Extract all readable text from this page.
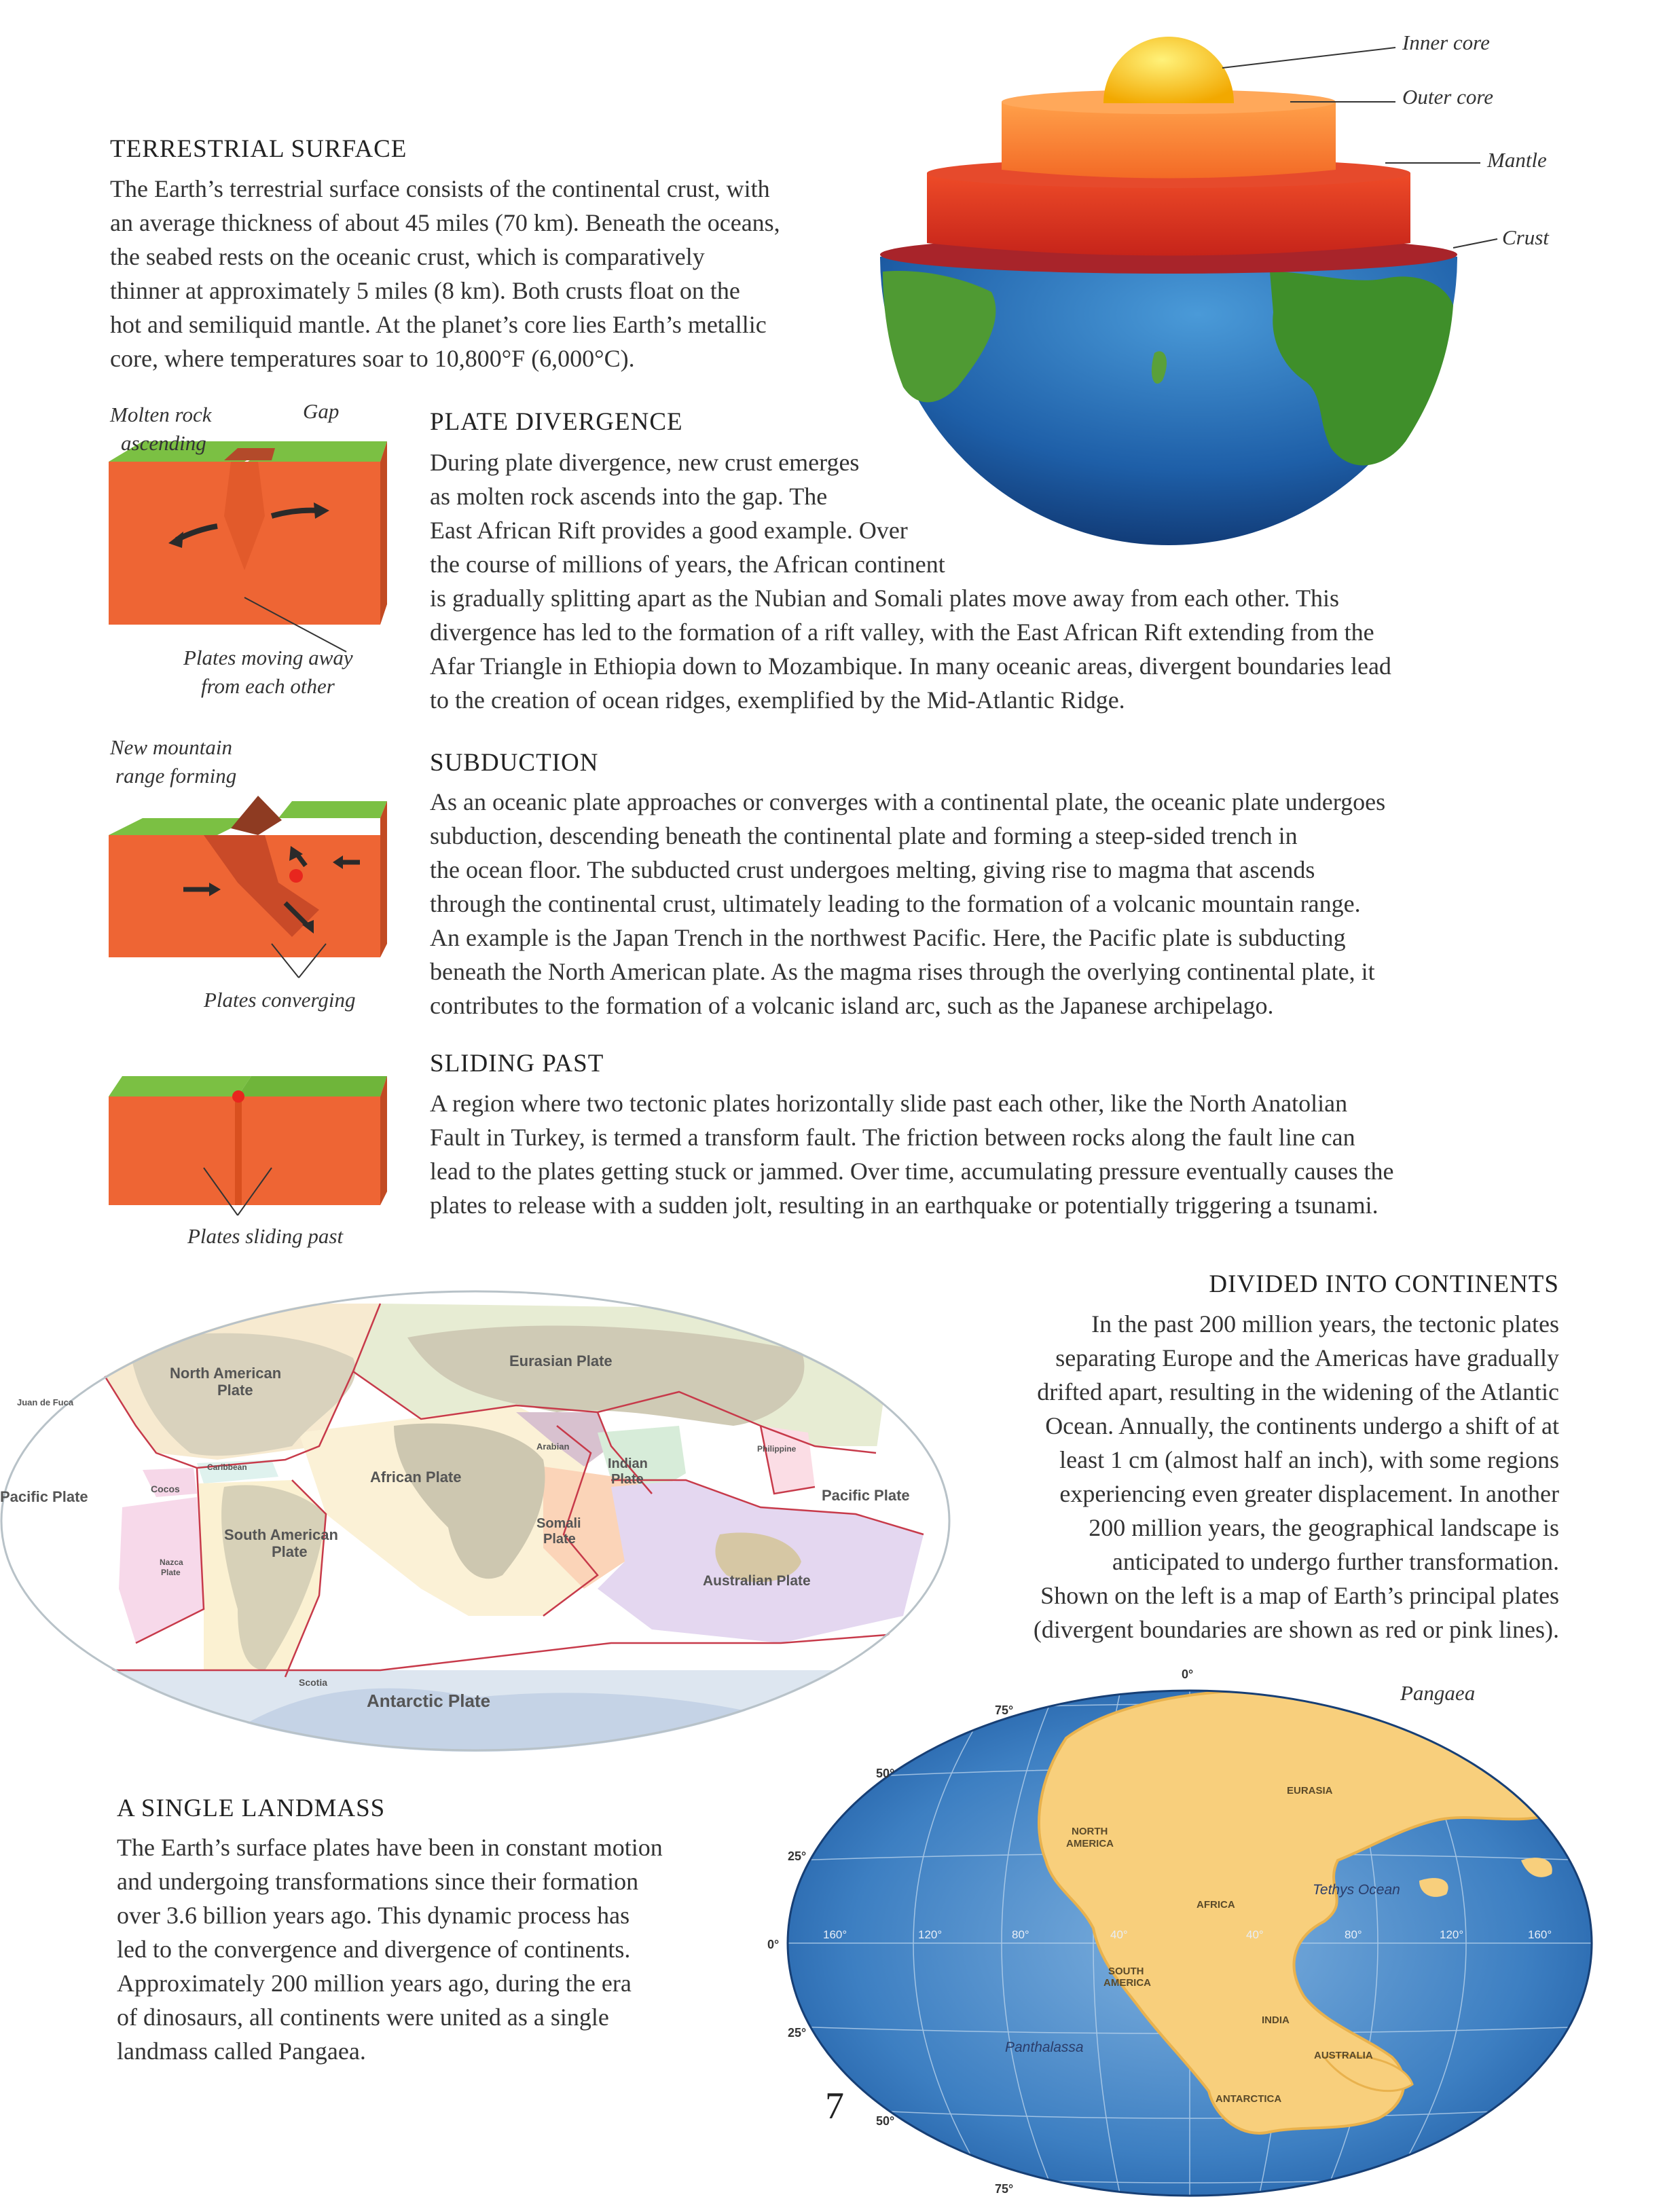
Inner core
Outer core
Mantle
Crust
TERRESTRIAL SURFACE

The Earth’s terrestrial surface consists of the continental crust, with

an average thickness of about 45 miles (70 km). Beneath the oceans,

the seabed rests on the oceanic crust, which is comparatively

thinner at approximately 5 miles (8 km). Both crusts float on the

hot and semiliquid mantle. At the planet’s core lies Earth’s metallic

core, where temperatures soar to 10,800°F (6,000°C).

Molten rock
ascending
Gap
Plates moving away
from each other
PLATE DIVERGENCE

During plate divergence, new crust emerges

as molten rock ascends into the gap. The

East African Rift provides a good example. Over

the course of millions of years, the African continent

is gradually splitting apart as the Nubian and Somali plates move away from each other. This

divergence has led to the formation of a rift valley, with the East African Rift extending from the

Afar Triangle in Ethiopia down to Mozambique. In many oceanic areas, divergent boundaries lead

to the creation of ocean ridges, exemplified by the Mid-Atlantic Ridge.

New mountain
range forming
Plates converging
SUBDUCTION

As an oceanic plate approaches or converges with a continental plate, the oceanic plate undergoes

subduction, descending beneath the continental plate and forming a steep-sided trench in

the ocean floor. The subducted crust undergoes melting, giving rise to magma that ascends

through the continental crust, ultimately leading to the formation of a volcanic mountain range.

An example is the Japan Trench in the northwest Pacific. Here, the Pacific plate is subducting

beneath the North American plate. As the magma rises through the overlying continental plate, it

contributes to the formation of a volcanic island arc, such as the Japanese archipelago.

Plates sliding past
SLIDING PAST

A region where two tectonic plates horizontally slide past each other, like the North Anatolian

Fault in Turkey, is termed a transform fault. The friction between rocks along the fault line can

lead to the plates getting stuck or jammed. Over time, accumulating pressure eventually causes the

plates to release with a sudden jolt, resulting in an earthquake or potentially triggering a tsunami.

DIVIDED INTO CONTINENTS

In the past 200 million years, the tectonic plates

separating Europe and the Americas have gradually

drifted apart, resulting in the widening of the Atlantic

Ocean. Annually, the continents undergo a shift of at

least 1 cm (almost half an inch), with some regions

experiencing even greater displacement. In another

200 million years, the geographical landscape is

anticipated to undergo further transformation.

Shown on the left is a map of Earth’s principal plates

(divergent boundaries are shown as red or pink lines).

Juan de Fuca
Pacific Plate
North American
Plate
Caribbean
Cocos
Nazca
Plate
South American
Plate
Scotia
Eurasian Plate
African Plate
Arabian
Indian
Plate
Philippine
Somali
Plate
Pacific Plate
Australian Plate
Antarctic Plate
A SINGLE LANDMASS

The Earth’s surface plates have been in constant motion

and undergoing transformations since their formation

over 3.6 billion years ago. This dynamic process has

led to the convergence and divergence of continents.

Approximately 200 million years ago, during the era

of dinosaurs, all continents were united as a single

landmass called Pangaea.

EURASIA
NORTH
AMERICA
AFRICA
SOUTH
AMERICA
INDIA
AUSTRALIA
ANTARCTICA
Tethys Ocean
Panthalassa
0°
75°
50°
25°
0°
25°
50°
75°
160°	120°	80°	40°	40°	80°	120°	160°
Pangaea
7
